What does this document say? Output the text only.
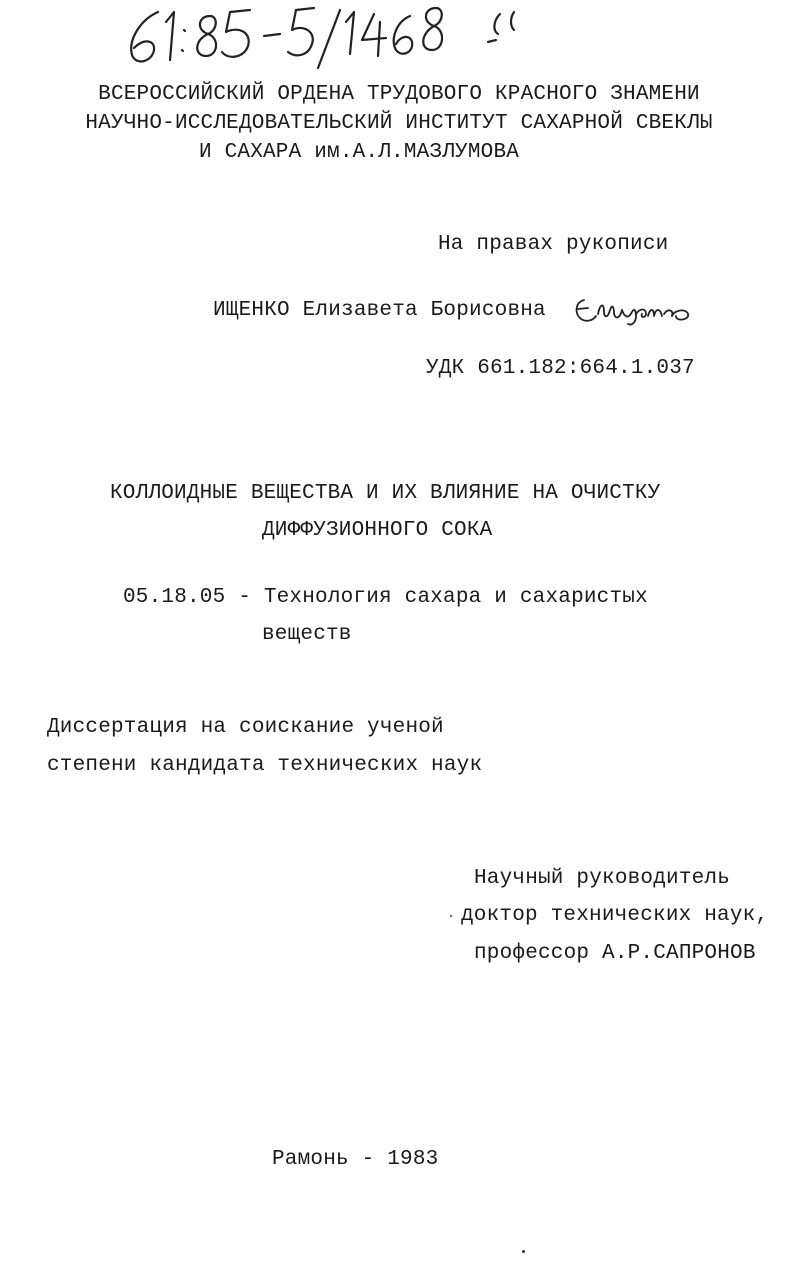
ВСЕРОССИЙСКИЙ ОРДЕНА ТРУДОВОГО КРАСНОГО ЗНАМЕНИ
НАУЧНО-ИССЛЕДОВАТЕЛЬСКИЙ ИНСТИТУТ САХАРНОЙ СВЕКЛЫ
И САХАРА им.А.Л.МАЗЛУМОВА
На правах рукописи
ИЩЕНКО Елизавета Борисовна
УДК 661.182:664.1.037
КОЛЛОИДНЫЕ ВЕЩЕСТВА И ИХ ВЛИЯНИЕ НА ОЧИСТКУ
ДИФФУЗИОННОГО СОКА
05.18.05 - Технология сахара и сахаристых
веществ
Диссертация на соискание ученой
степени кандидата технических наук
Научный руководитель
доктор технических наук,
профессор А.Р.САПРОНОВ
Рамонь - 1983
